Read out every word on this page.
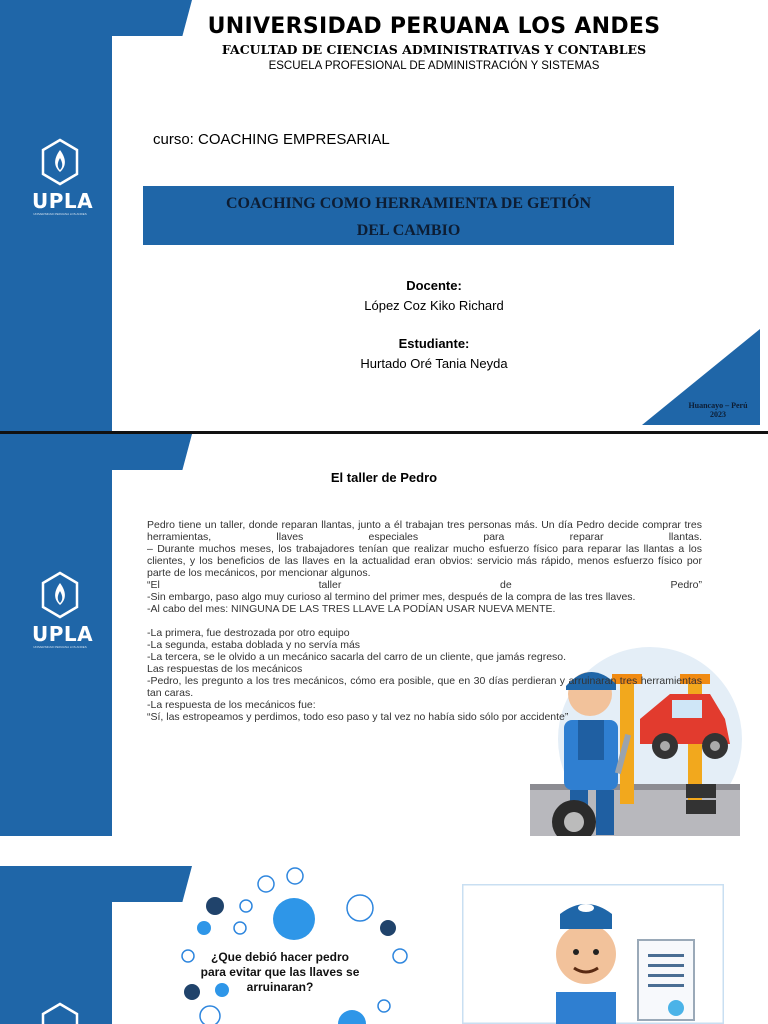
UPLA
UNIVERSIDAD PERUANA LOS ANDES
UNIVERSIDAD PERUANA LOS ANDES
FACULTAD DE CIENCIAS ADMINISTRATIVAS Y CONTABLES
ESCUELA PROFESIONAL DE ADMINISTRACIÓN Y SISTEMAS
curso: COACHING EMPRESARIAL
COACHING COMO HERRAMIENTA DE GETIÓN
DEL CAMBIO
Docente:
López Coz Kiko Richard
Estudiante:
Hurtado Oré Tania Neyda
Huancayo – Perú
2023
UPLA
UNIVERSIDAD PERUANA LOS ANDES
El taller de Pedro

Pedro tiene un taller, donde reparan llantas, junto a él trabajan tres personas más. Un día Pedro decide comprar tres herramientas, llaves especiales para reparar llantas.

– Durante muchos meses, los trabajadores tenían que realizar mucho esfuerzo físico para reparar las llantas a los clientes, y los beneficios de las llaves en la actualidad eran obvios: servicio más rápido, menos esfuerzo físico por parte de los mecánicos, por mencionar algunos.

“El taller de Pedro”

-Sin embargo, paso algo muy curioso al termino del primer mes, después de la compra de las tres llaves.

-Al cabo del mes: NINGUNA DE LAS TRES LLAVE LA PODÍAN USAR NUEVA MENTE.

-La primera, fue destrozada por otro equipo

-La segunda, estaba doblada y no servía más

-La tercera, se le olvido a un mecánico sacarla del carro de un cliente, que jamás regreso.

Las respuestas de los mecánicos

-Pedro, les pregunto a los tres mecánicos, cómo era posible, que en 30 días perdieran y arruinaran tres herramientas tan caras.

-La respuesta de los mecánicos fue:

“Sí, las estropeamos y perdimos, todo eso paso y tal vez no había sido sólo por accidente”

¿Que debió hacer pedro para evitar que las llaves se arruinaran?
